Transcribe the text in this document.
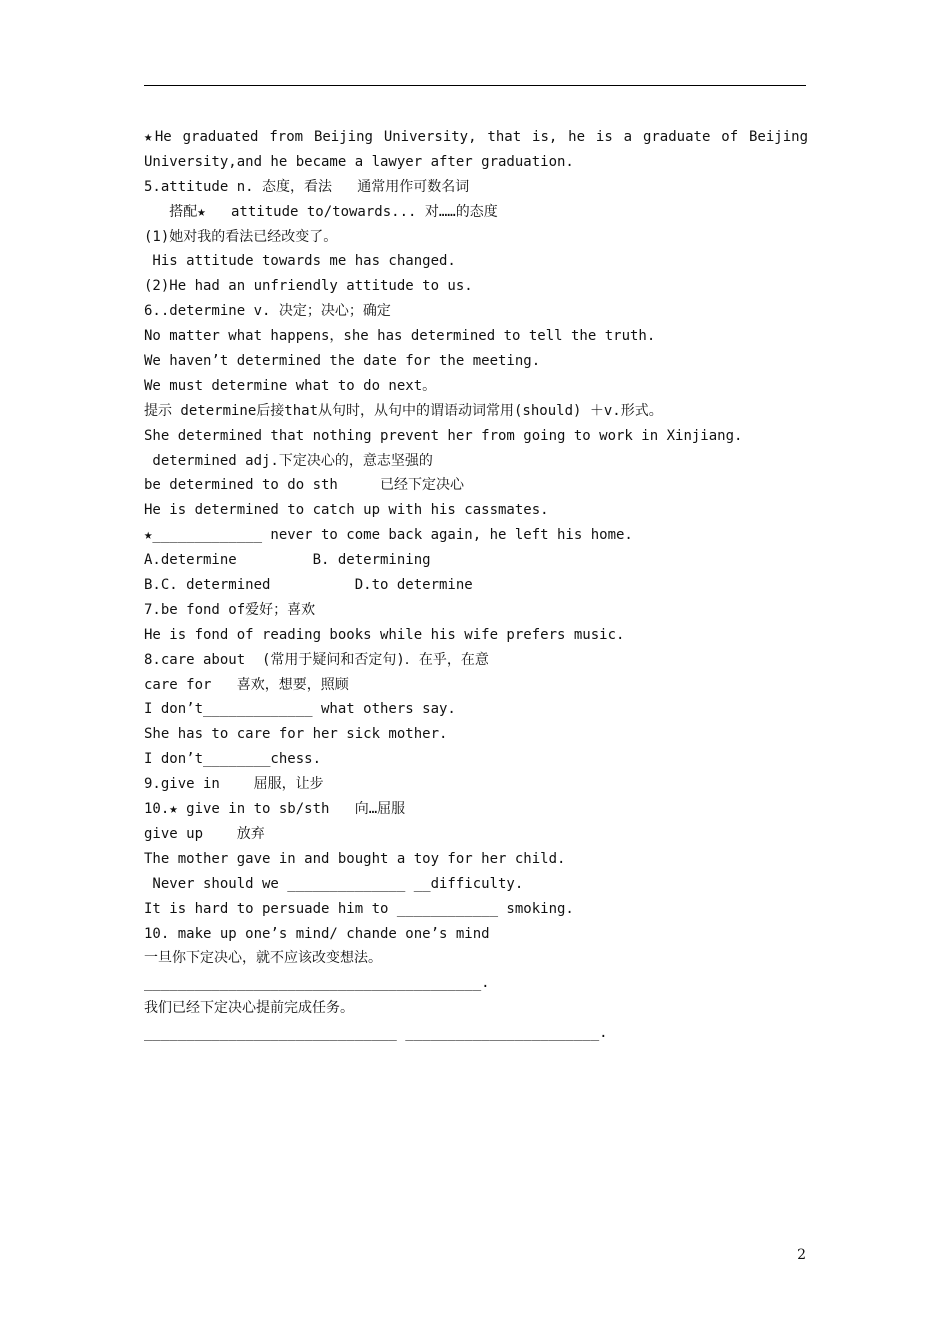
★He graduated from Beijing University, that is, he is a graduate of Beijing
University,and he became a lawyer after graduation.
5.attitude n. 态度，看法   通常用作可数名词
搭配★   attitude to/towards... 对……的态度
(1)她对我的看法已经改变了。
His attitude towards me has changed.
(2)He had an unfriendly attitude to us.
6..determine v. 决定；决心；确定
No matter what happens，she has determined to tell the truth.
We haven’t determined the date for the meeting.
We must determine what to do next。
提示 determine后接that从句时，从句中的谓语动词常用(should) ＋v.形式。
She determined that nothing prevent her from going to work in Xinjiang.
determined adj.下定决心的，意志坚强的
be determined to do sth     已经下定决心
He is determined to catch up with his cassmates.
★_____________ never to come back again, he left his home.
A.determine         B. determining
B.C. determined          D.to determine
7.be fond of爱好；喜欢
He is fond of reading books while his wife prefers music.
8.care about  (常用于疑问和否定句)．在乎，在意
care for   喜欢，想要，照顾
I don’t_____________ what others say.
She has to care for her sick mother.
I don’t________chess.
9.give in    屈服，让步
10.★ give in to sb/sth   向…屈服
give up    放弃
The mother gave in and bought a toy for her child.
Never should we ______________ __difficulty.
It is hard to persuade him to ____________ smoking.
10. make up one’s mind/ chande one’s mind
一旦你下定决心，就不应该改变想法。
________________________________________.
我们已经下定决心提前完成任务。
______________________________ _______________________.
2
